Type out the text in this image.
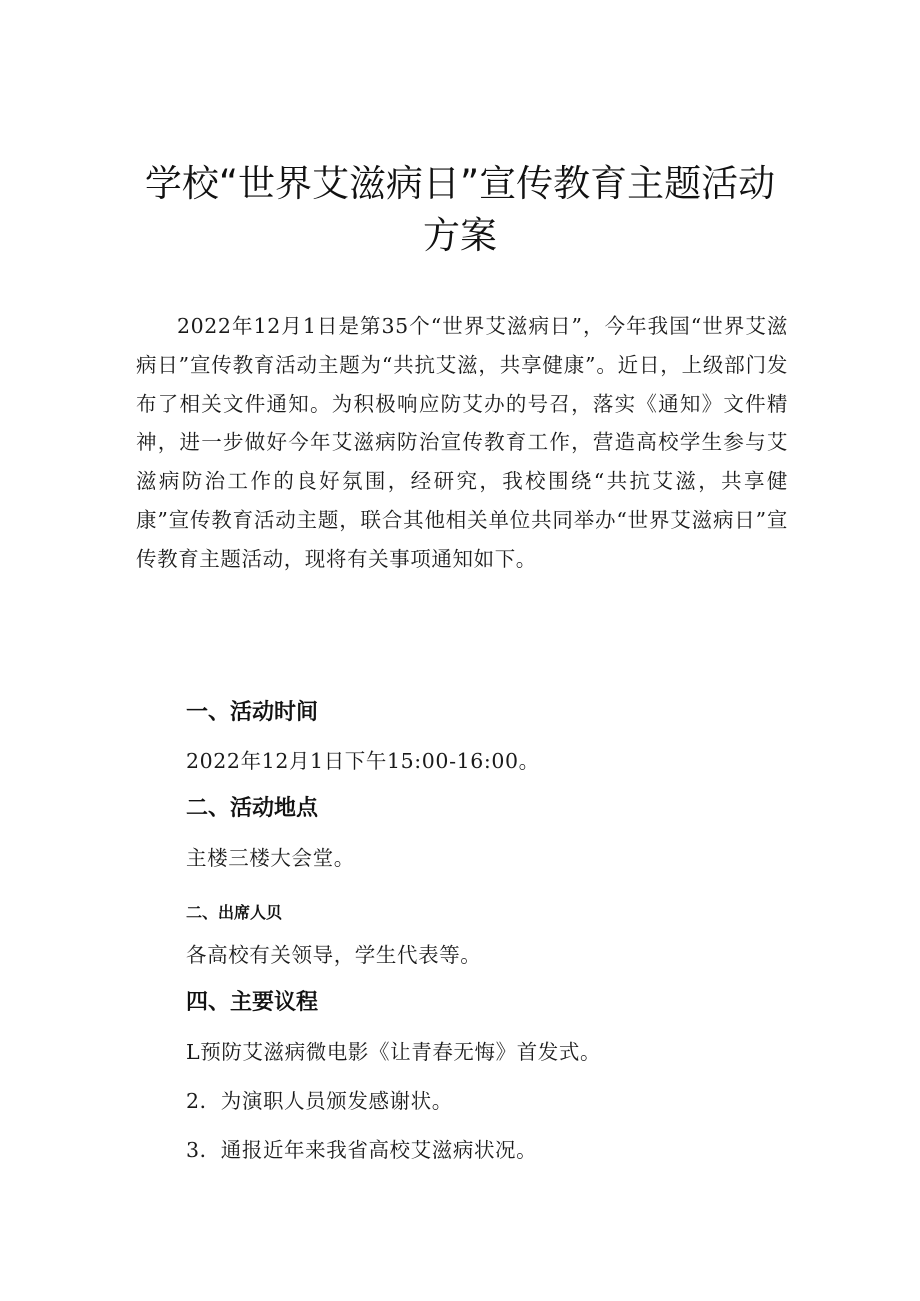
学校“世界艾滋病日”宣传教育主题活动
方案

2022年12月1日是第35个“世界艾滋病日”，今年我国“世界艾滋病日”宣传教育活动主题为“共抗艾滋，共享健康”。近日，上级部门发布了相关文件通知。为积极响应防艾办的号召，落实《通知》文件精神，进一步做好今年艾滋病防治宣传教育工作，营造高校学生参与艾滋病防治工作的良好氛围，经研究，我校围绕“共抗艾滋，共享健康”宣传教育活动主题，联合其他相关单位共同举办“世界艾滋病日”宣传教育主题活动，现将有关事项通知如下。

一、活动时间

2022年12月1日下午15:00-16:00。

二、活动地点

主楼三楼大会堂。

二、出席人贝

各高校有关领导，学生代表等。

四、主要议程

L预防艾滋病微电影《让青春无悔》首发式。

2．为演职人员颁发感谢状。

3．通报近年来我省高校艾滋病状况。
